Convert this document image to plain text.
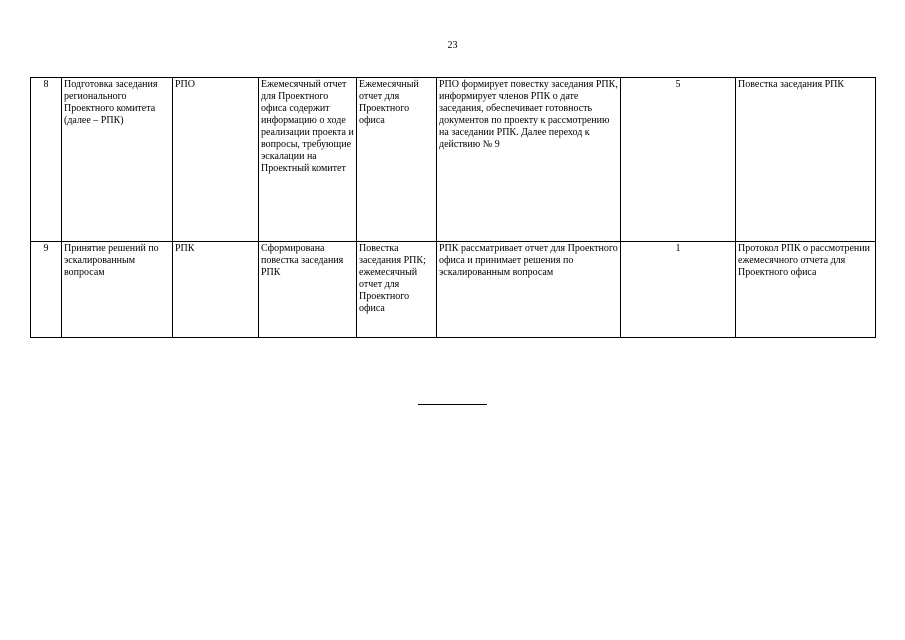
23
8	Подготовка заседания регионального Проектного комитета (далее – РПК)	РПО	Ежемесячный отчет для Проектного офиса содержит информацию о ходе реализации проекта и вопросы, требующие эскалации на Проектный комитет	Ежемесячный отчет для Проектного офиса	РПО формирует повестку заседания РПК, информирует членов РПК о дате заседания, обеспечивает готовность документов по проекту к рассмотрению на заседании РПК. Далее переход к действию № 9	5	Повестка заседания РПК
9	Принятие решений по эскалированным вопросам	РПК	Сформирована повестка заседания РПК	Повестка заседания РПК; ежемесячный отчет для Проектного офиса	РПК рассматривает отчет для Проектного офиса и принимает решения по эскалированным вопросам	1	Протокол РПК о рассмотрении ежемесячного отчета для Проектного офиса
